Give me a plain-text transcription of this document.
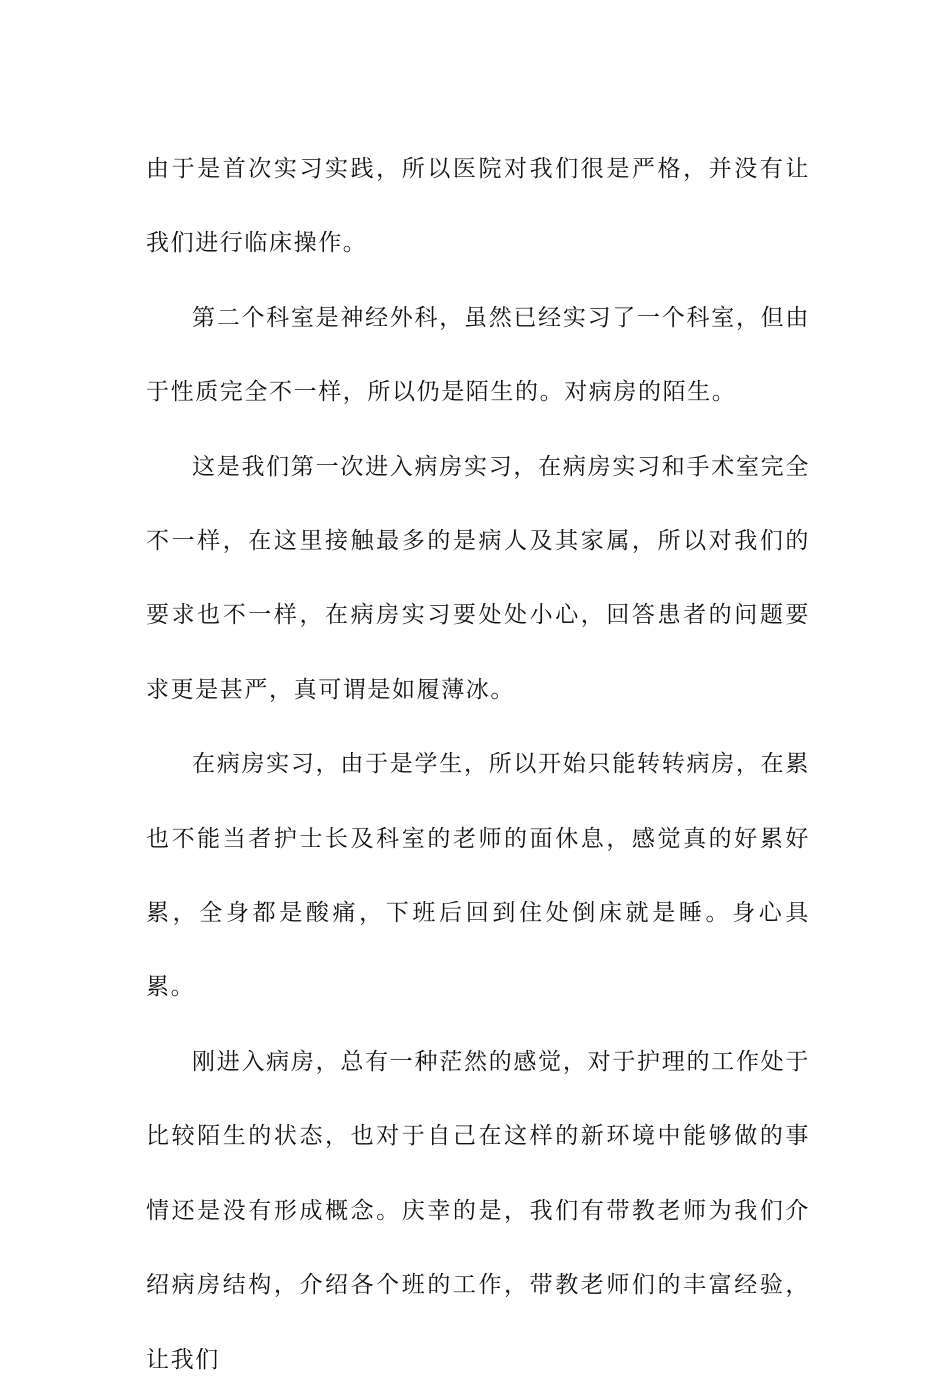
由于是首次实习实践，所以医院对我们很是严格，并没有让我们进行临床操作。

第二个科室是神经外科，虽然已经实习了一个科室，但由于性质完全不一样，所以仍是陌生的。对病房的陌生。

这是我们第一次进入病房实习，在病房实习和手术室完全不一样，在这里接触最多的是病人及其家属，所以对我们的要求也不一样，在病房实习要处处小心，回答患者的问题要求更是甚严，真可谓是如履薄冰。

在病房实习，由于是学生，所以开始只能转转病房，在累也不能当者护士长及科室的老师的面休息，感觉真的好累好累，全身都是酸痛，下班后回到住处倒床就是睡。身心具累。

刚进入病房，总有一种茫然的感觉，对于护理的工作处于比较陌生的状态，也对于自己在这样的新环境中能够做的事情还是没有形成概念。庆幸的是，我们有带教老师为我们介绍病房结构，介绍各个班的工作，带教老师们的丰富经验，让我们
